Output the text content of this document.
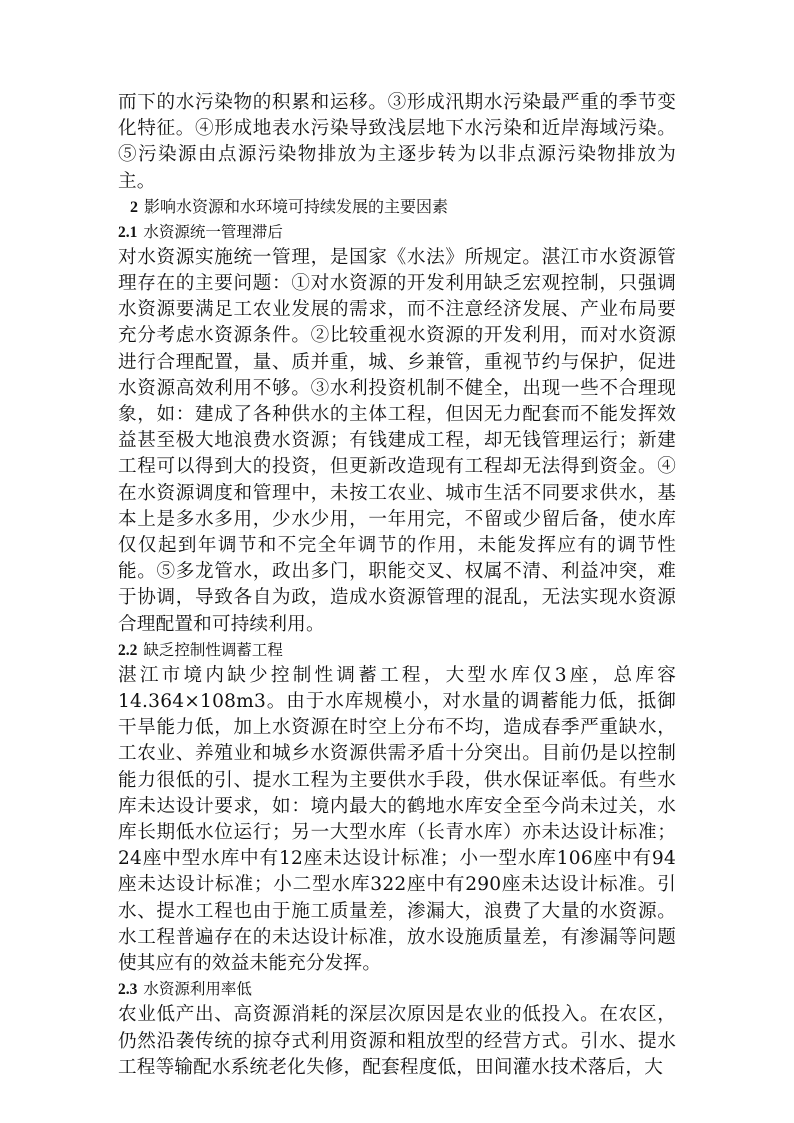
而下的水污染物的积累和运移。③形成汛期水污染最严重的季节变化特征。④形成地表水污染导致浅层地下水污染和近岸海域污染。⑤污染源由点源污染物排放为主逐步转为以非点源污染物排放为主。

2 影响水资源和水环境可持续发展的主要因素

2.1 水资源统一管理滞后

对水资源实施统一管理，是国家《水法》所规定。湛江市水资源管理存在的主要问题：①对水资源的开发利用缺乏宏观控制，只强调水资源要满足工农业发展的需求，而不注意经济发展、产业布局要充分考虑水资源条件。②比较重视水资源的开发利用，而对水资源进行合理配置，量、质并重，城、乡兼管，重视节约与保护，促进水资源高效利用不够。③水利投资机制不健全，出现一些不合理现象，如：建成了各种供水的主体工程，但因无力配套而不能发挥效益甚至极大地浪费水资源；有钱建成工程，却无钱管理运行；新建工程可以得到大的投资，但更新改造现有工程却无法得到资金。④在水资源调度和管理中，未按工农业、城市生活不同要求供水，基本上是多水多用，少水少用，一年用完，不留或少留后备，使水库仅仅起到年调节和不完全年调节的作用，未能发挥应有的调节性能。⑤多龙管水，政出多门，职能交叉、权属不清、利益冲突，难于协调，导致各自为政，造成水资源管理的混乱，无法实现水资源合理配置和可持续利用。

2.2 缺乏控制性调蓄工程

湛江市境内缺少控制性调蓄工程，大型水库仅3座，总库容14.364×108m3。由于水库规模小，对水量的调蓄能力低，抵御干旱能力低，加上水资源在时空上分布不均，造成春季严重缺水，工农业、养殖业和城乡水资源供需矛盾十分突出。目前仍是以控制能力很低的引、提水工程为主要供水手段，供水保证率低。有些水库未达设计要求，如：境内最大的鹤地水库安全至今尚未过关，水库长期低水位运行；另一大型水库（长青水库）亦未达设计标准；24座中型水库中有12座未达设计标准；小一型水库106座中有94座未达设计标准；小二型水库322座中有290座未达设计标准。引水、提水工程也由于施工质量差，渗漏大，浪费了大量的水资源。水工程普遍存在的未达设计标准，放水设施质量差，有渗漏等问题使其应有的效益未能充分发挥。

2.3 水资源利用率低

农业低产出、高资源消耗的深层次原因是农业的低投入。在农区，仍然沿袭传统的掠夺式利用资源和粗放型的经营方式。引水、提水工程等输配水系统老化失修，配套程度低，田间灌水技术落后，大
